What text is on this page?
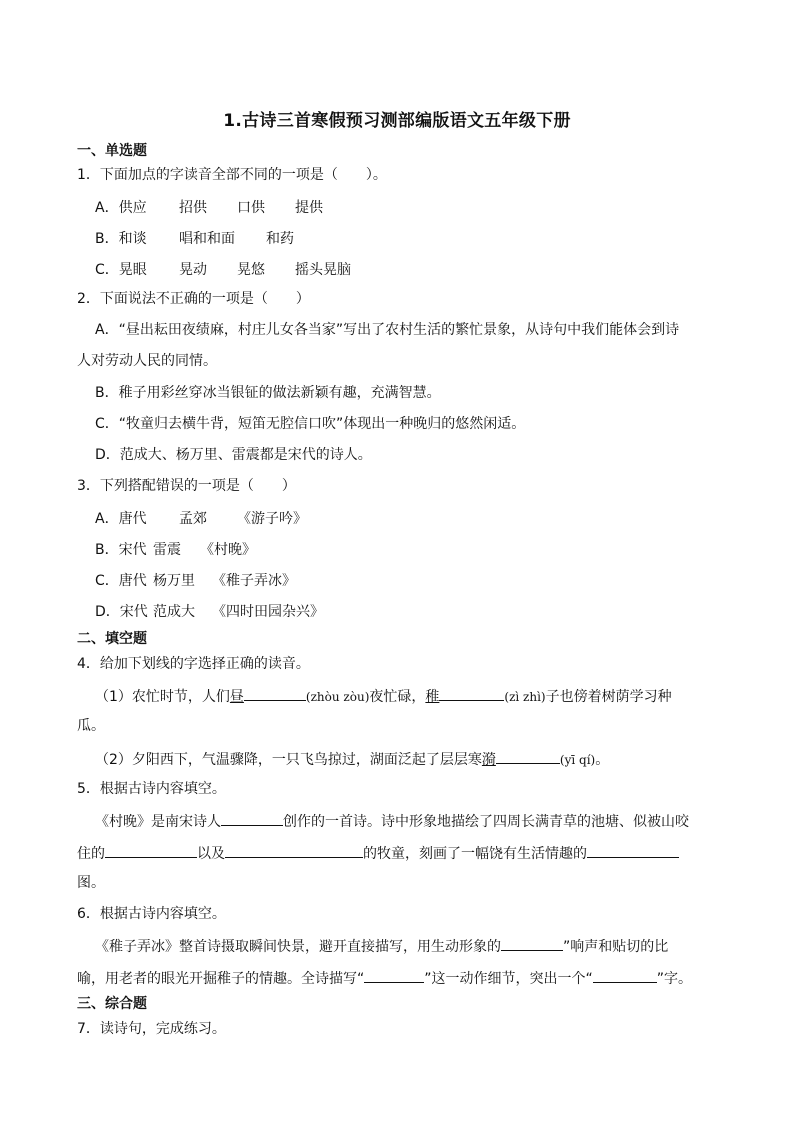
1.古诗三首寒假预习测部编版语文五年级下册
一、单选题
1．下面加点的字读音全部不同的一项是（　　）。
A．供应	招供	口供	提供
B．和谈	唱和和面	和药
C．晃眼	晃动	晃悠	摇头晃脑
2．下面说法不正确的一项是（　　）
A．“昼出耘田夜绩麻，村庄儿女各当家”写出了农村生活的繁忙景象，从诗句中我们能体会到诗
人对劳动人民的同情。
B．稚子用彩丝穿冰当银钲的做法新颖有趣，充满智慧。
C．“牧童归去横牛背，短笛无腔信口吹”体现出一种晚归的悠然闲适。
D．范成大、杨万里、雷震都是宋代的诗人。
3．下列搭配错误的一项是（　　）
A．唐代	孟郊	《游子吟》
B．宋代 雷震	《村晚》
C．唐代 杨万里	《稚子弄冰》
D．宋代 范成大	《四时田园杂兴》
二、填空题
4．给加下划线的字选择正确的读音。
（1）农忙时节，人们昼	(zhòu zòu)夜忙碌，稚	(zì zhì)子也傍着树荫学习种
瓜。
（2）夕阳西下，气温骤降，一只飞鸟掠过，湖面泛起了层层寒漪	(yī qí)。
5．根据古诗内容填空。
《村晚》是南宋诗人	创作的一首诗。诗中形象地描绘了四周长满青草的池塘、似被山咬
住的	以及	的牧童，刻画了一幅饶有生活情趣的
图。
6．根据古诗内容填空。
《稚子弄冰》整首诗摄取瞬间快景，避开直接描写，用生动形象的	”响声和贴切的比
喻，用老者的眼光开掘稚子的情趣。全诗描写“	”这一动作细节，突出一个“	”字。
三、综合题
7．读诗句，完成练习。
